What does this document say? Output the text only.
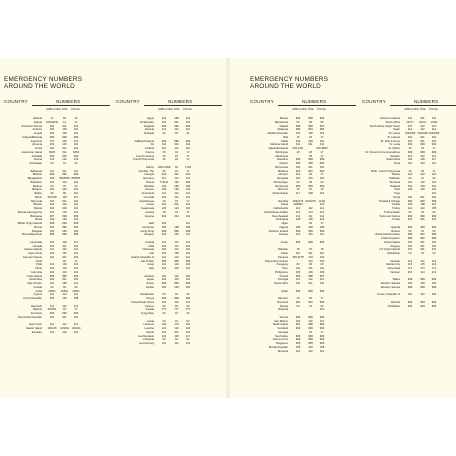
EMERGENCY NUMBERS
AROUND THE WORLD
EMERGENCY NUMBERS
AROUND THE WORLD
COUNTRY	NUMBERS
AMBULANCE FIRE POLICE
Albania	17	18	19
Algeria	14/Dakhla	14	17
American Samoa	911	911	911
Andorra	118	118	110
Angola	118	118	110
Antigua/Barbuda	999	999	999
Argentina	107	100	101
Armenia	103	101	102
Aruba	911	911	911
Ascension Island	6000	911	6666
Australia	000	000	000
Austria	144	122	133
Azerbaijan	03	01	02
Bahamas	911	911	911
Bahrain	999	999	999
Bangladesh	199	9555555 866551
Barbados	115	113	112
Belarus	03	01	02
Belgium	100	100	101
Belize	90	90	911
Benin	301769	118	117
Bermuda	911	911	911
Bhutan	112	110	113
Bolivia	118	119	110
Bosnia-Herzegovina	124	123	122
Botswana	997	998	999
Brazil	192	193	190
British Virgin Islands	999	999	999
Brunei	991	995	993
Bulgaria	150	160	166
Burma/Myanmar	999	999	999
Cambodia	119	118	117
Canada	911	911	911
Canary Islands	112	112	112
Cape Verde	130	131	132
Cayman Islands	911	911	911
Chad	18	17
Chile	131	132	133
China	120	119	110
Colombia	119	119	119
Cook Islands	998	996	999
Costa Rica	911	911	911
Côte d'Ivoire	110	180	111
Croatia	94	93	92
Cuba	26811	26811	26811
Cyprus	112	112	112
Czech Republic	155	150	158
Denmark	112	112	112
Djibouti	351351	18	17
Dominica	999	999	999
Dominican Republic	911	911	911
East Timor	112	112	112
Easter Island	100215	100264 100244
Ecuador	131	102	101
COUNTRY	NUMBERS
AMBULANCE FIRE POLICE
Egypt	123	180	122
El Salvador	911	911	911
England	999	999	999
Estonia	112	112	110
Ethiopia	92	93	91
Falkland Islands	999	999	999
Fiji	911	911	911
Finland	112	112	112
France	15	18	17
French Guiana	15	18	17
French Polynesia	15	18	17
Gabon 1300-1399	18	1730
Gambia, The	16	18	17
Georgia	022	022	022
Germany	112	112	110
Ghana	776111	192	999
Gibraltar	199	190	199
Greece	166	199	100
Greenland	112	112	112
Grenada	434	112	911
Guadeloupe	18	18	17
Guam	911	911	911
Guatemala	123	123	110
Guinea	18	18	17
Guyana	913	912	911
Haiti	118	114
Honduras	195	198	199
Hong Kong	999	999	999
Hungary	104	105	107
Iceland	112	112	112
India	102	101	100
Indonesia	118	113	110
Iran	115	125	110
Ireland, Republic of	112	112	112
Isle of Man	999	999	999
Israel	101	102	100
Italy	118	115	113
Jamaica	110	110	119
Japan	119	119	110
Jersey	999	999	999
Jordan	193	193	192
Kazakhstan	03	01	02
Kenya	999	999	999
Korea/South Korea	119	119	112
Kosovo	94	93	92
Kuwait	777	777	777
Kyrgyzstan	03	01	02
Latvia	03	01	02
Lebanon	140	175	112
Lesotho	121	122	123
Liberia	911	911	911
Liechtenstein	144	118	117
Lithuania	03	01	02
Luxembourg	112	112	113
COUNTRY	NUMBERS
AMBULANCE FIRE POLICE
Macau	999	999	999
Macedonia	94	93	92
Malawi	998	999	997
Malaysia	999	994	999
Maldive Republic	102	118	119
Mali	15	18	17
Malta	196	199	191
Mariana Island	911	911	911
Marshall Islands	625-4111	625-8666
Martinique	15	18	17
Mauritania	18	17
Mauritius	999	999	999
Mexico	065	068	060
Micronesia	911	911	911
Moldova	903	901	902
Monaco	112	18	17
Mongolia	103	101	102
Montenegro	94	93	92
Montserrat	999	999	999
Morocco	15	15	19
Mozambique	117	198	119
Namibia	2032276 2032270	10111
Nepal	228094	100
Netherlands	112	112	112
Netherlands Antilles	112	114	114
New Zealand	111	111	111
Nicaragua	128	115	118
Niger	18	17
Nigeria	199	199	199
Northern Ireland	999	999	999
Norway	113	110	112
Oman	999	999	999
Pakistan	15	15	15
Palau	911	911	911
Panama	269-9778	103	104
Papua New Guinea	110	000
Paraguay	00	00	00
Peru	011	011	011
Philippines	166	166	166
Poland	999	998	997
Portugal	112	112	112
Puerto Rico	911	911	911
Qatar	999	999	999
Réunion	15	18	17
Romania	961	981	955
Russia	03	01	02
Rwanda	112
Samoa	999	999	999
San Marino	118	116	113
Saudi Arabia	997	998	999
Scotland	999	999	999
Senegal	18	17
Seychelles	999	999	999
Sierra Leone	999	999	999
Singapore	995	995	999
Slovak Republic	155	150	158
Slovenia	112	112	113
COUNTRY	NUMBERS
AMBULANCE FIRE POLICE
Solomon Islands	911	911	911
South Africa	10177	10111	10111
South Africa (Cape Town)	107	107	107
Spain	112	112	112
Sri Lanka	1691095 1691095 1691095
St. Helena	911	911	911
St. Kitts & Nevis	911	911	911
St. Lucia	999	999	999
St. Martin	15	18	17
St. Vincent & the Grenadines	999	999	999
Sweden	112	112	112
Switzerland	144	118	117
Syria	110	113	112
Tahiti - French Polynesia	15	18	17
Taiwan	119	119	110
Tajikistan	03	01	02
Tanzania	112	112	112
Thailand	191	199	191
Tibet	120	119	110
Togo	101
Tonga	911	911	911
Trinidad & Tobago	990	990	999
Tunisia	190	198	197
Turkey	112	110	155
Turkmenistan	03	01	02
Turks and Caicos	999	999	999
Tuvalu	911	911	911
Uganda	999	999	999
Ukraine	03	01	02
United Arab Emirates	998	997	999
United Kingdom	999	999	999
United States	911	911	911
Uruguay	911	911	911
US Virgin Islands	911	911	911
Uzbekistan	03	01	02
Vanuatu	112	112	112
Vatican City	113	115	112
Venezuela	171	171	171
Vietnam	115	114	113
Wales	999	999	999
Western Sahara	150	150	150
Western Samoa	999	999	999
Yemen, Republic of	191	191	194
Zambia	999	993	999
Zimbabwe	994	993	995
